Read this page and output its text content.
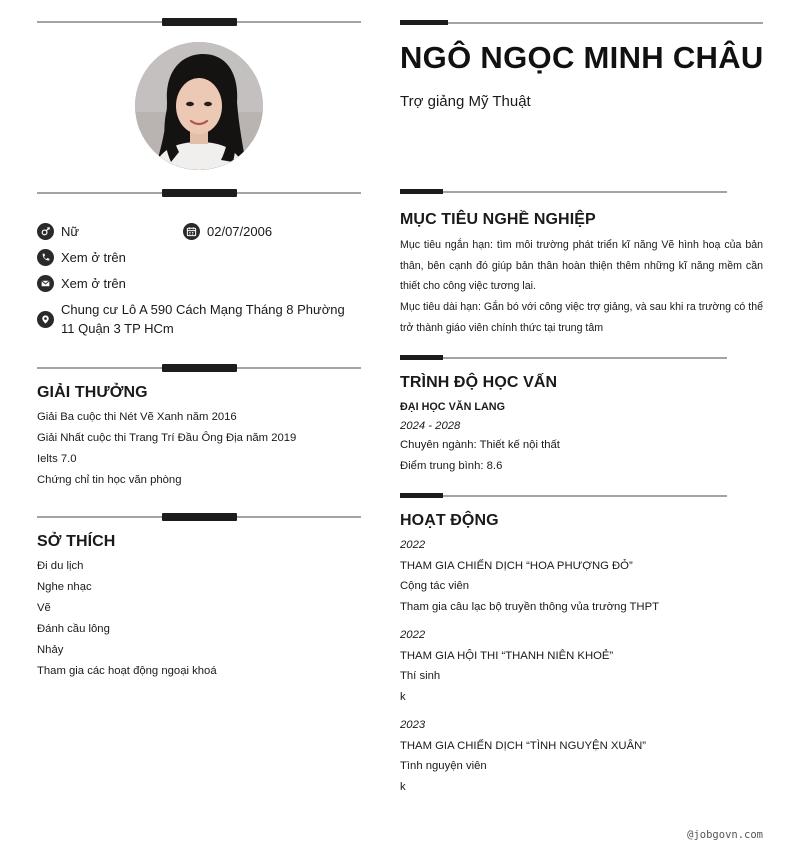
Nữ	02/07/2006
Xem ở trên
Xem ở trên
Chung cư Lô A 590 Cách Mạng Tháng 8 Phường 11 Quận 3 TP HCm
GIẢI THƯỞNG
Giải Ba cuộc thi Nét Vẽ Xanh năm 2016
Giải Nhất cuộc thi Trang Trí Đầu Ông Địa năm 2019
Ielts 7.0
Chứng chỉ tin học văn phòng
SỞ THÍCH
Đi du lịch
Nghe nhạc
Vẽ
Đánh cầu lông
Nhảy
Tham gia các hoạt động ngoại khoá
NGÔ NGỌC MINH CHÂU
Trợ giảng Mỹ Thuật
MỤC TIÊU NGHỀ NGHIỆP
Mục tiêu ngắn hạn: tìm môi trường phát triển kĩ năng Vẽ hình hoạ của bản thân, bên cạnh đó giúp bản thân hoàn thiện thêm những kĩ năng mềm cần thiết cho công việc tương lai.
Mục tiêu dài hạn: Gắn bó với công việc trợ giảng, và sau khi ra trường có thể trở thành giáo viên chính thức tại trung tâm
TRÌNH ĐỘ HỌC VẤN
ĐẠI HỌC VĂN LANG
2024 - 2028
Chuyên ngành: Thiết kế nội thất
Điểm trung bình: 8.6
HOẠT ĐỘNG
2022
THAM GIA CHIẾN DỊCH “HOA PHƯỢNG ĐỎ”
Cộng tác viên
Tham gia câu lạc bộ truyền thông vủa trường THPT
2022
THAM GIA HỘI THI “THANH NIÊN KHOẺ”
Thí sinh
k
2023
THAM GIA CHIẾN DỊCH “TÌNH NGUYỆN XUÂN”
Tình nguyện viên
k
@jobgovn.com
